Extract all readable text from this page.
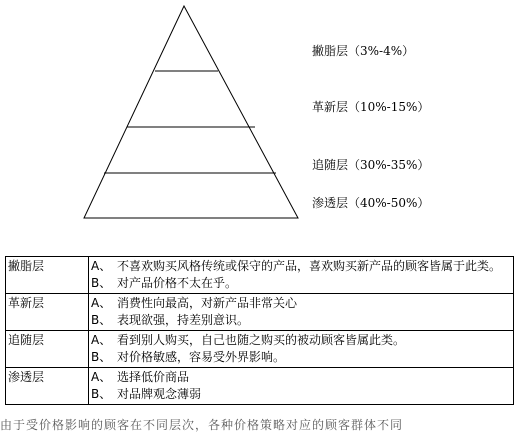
撇脂层（3%-4%）
革新层（10%-15%）
追随层（30%-35%）
渗透层（40%-50%）
撇脂层	A、 不喜欢购买风格传统或保守的产品，喜欢购买新产品的顾客皆属于此类。
B、 对产品价格不太在乎。

革新层	A、 消费性向最高，对新产品非常关心
B、 表现欲强，持差别意识。

追随层	A、 看到别人购买，自己也随之购买的被动顾客皆属此类。
B、 对价格敏感，容易受外界影响。

渗透层	A、 选择低价商品
B、 对品牌观念薄弱
由于受价格影响的顾客在不同层次，各种价格策略对应的顾客群体不同
